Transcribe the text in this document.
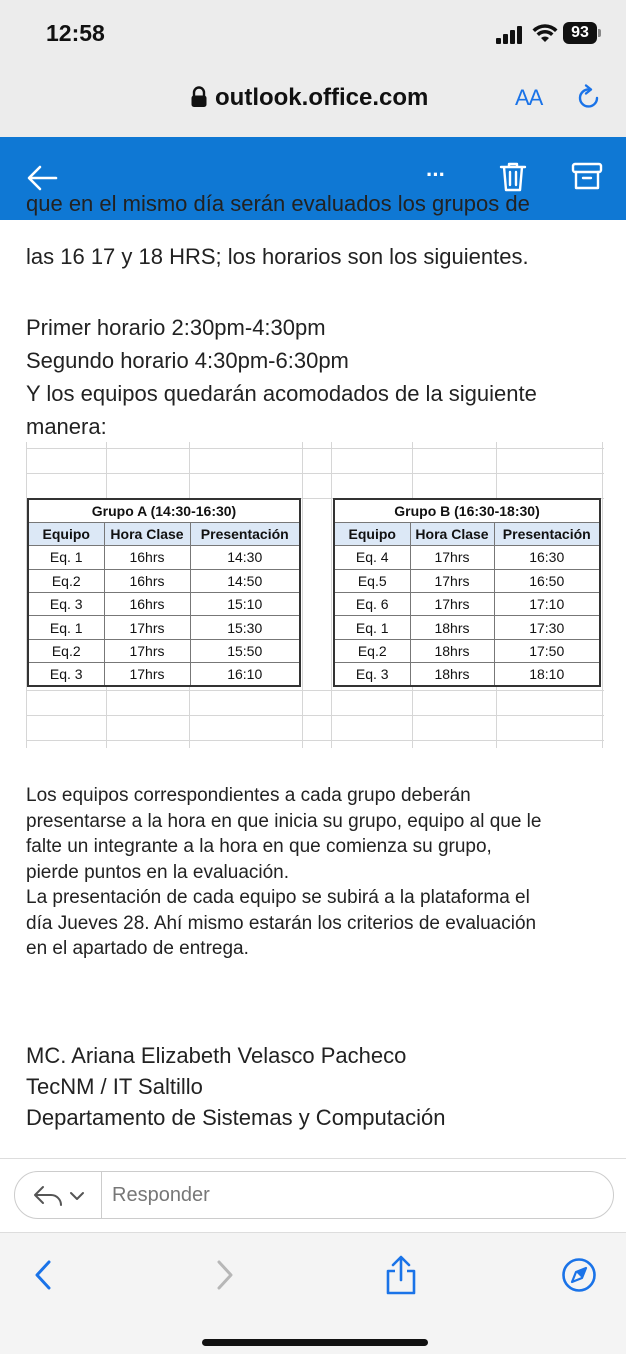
12:58	93
outlook.office.com	AA
···
que en el mismo día serán evaluados los grupos de
las 16 17 y 18 HRS; los horarios son los siguientes.
Primer horario 2:30pm-4:30pm
Segundo horario 4:30pm-6:30pm
Y los equipos quedarán acomodados de la siguiente
manera:
Grupo A (14:30-16:30)		
Equipo	Hora Clase	Presentación
Eq. 1	16hrs	14:30
Eq.2	16hrs	14:50
Eq. 3	16hrs	15:10
Eq. 1	17hrs	15:30
Eq.2	17hrs	15:50
Eq. 3	17hrs	16:10
Grupo B (16:30-18:30)		
Equipo	Hora Clase	Presentación
Eq. 4	17hrs	16:30
Eq.5	17hrs	16:50
Eq. 6	17hrs	17:10
Eq. 1	18hrs	17:30
Eq.2	18hrs	17:50
Eq. 3	18hrs	18:10
Los equipos correspondientes a cada grupo deberán
presentarse a la hora en que inicia su grupo, equipo al que le
falte un integrante a la hora en que comienza su grupo,
pierde puntos en la evaluación.
La presentación de cada equipo se subirá a la plataforma el
día Jueves 28. Ahí mismo estarán los criterios de evaluación
en el apartado de entrega.
MC. Ariana Elizabeth Velasco Pacheco
TecNM / IT Saltillo
Departamento de Sistemas y Computación
Responder
